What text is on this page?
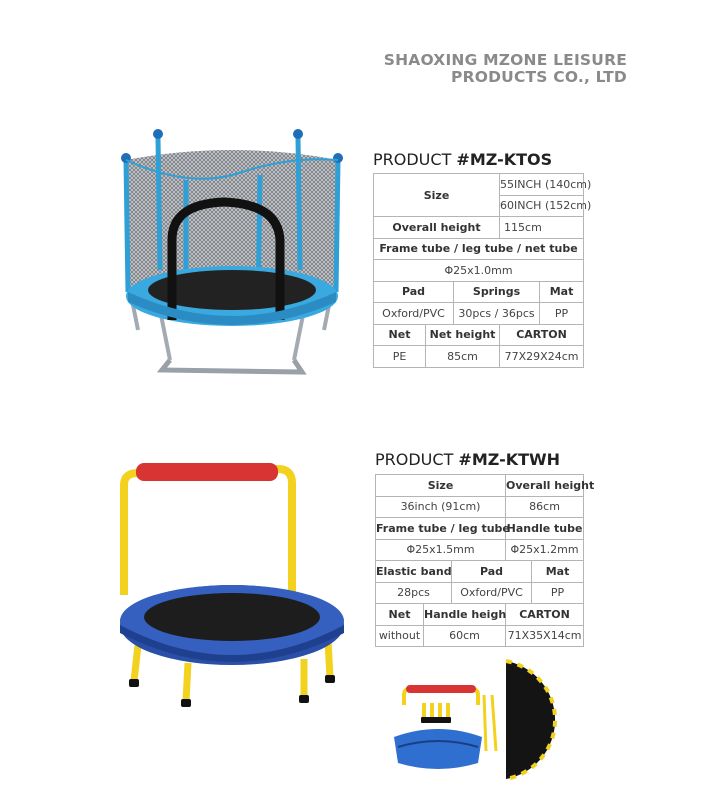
SHAOXING MZONE LEISURE
PRODUCTS CO., LTD
PRODUCT #MZ-KTOS
Size			55INCH (140cm)	
			60INCH (152cm)	
Overall height			115cm	
Frame tube / leg tube / net tube				
Φ25x1.0mm				
Pad		Springs		Mat
Oxford/PVC		30pcs / 36pcs		PP
Net	Net height		CARTON	
PE	85cm		77X29X24cm	
PRODUCT #MZ-KTWH
Size			Overall height	
36inch (91cm)			86cm	
Frame tube / leg tube			Handle tube	
Φ25x1.5mm			Φ25x1.2mm	
Elastic band		Pad		Mat
28pcs		Oxford/PVC		PP
Net	Handle heigh		CARTON	
without	60cm		71X35X14cm	
